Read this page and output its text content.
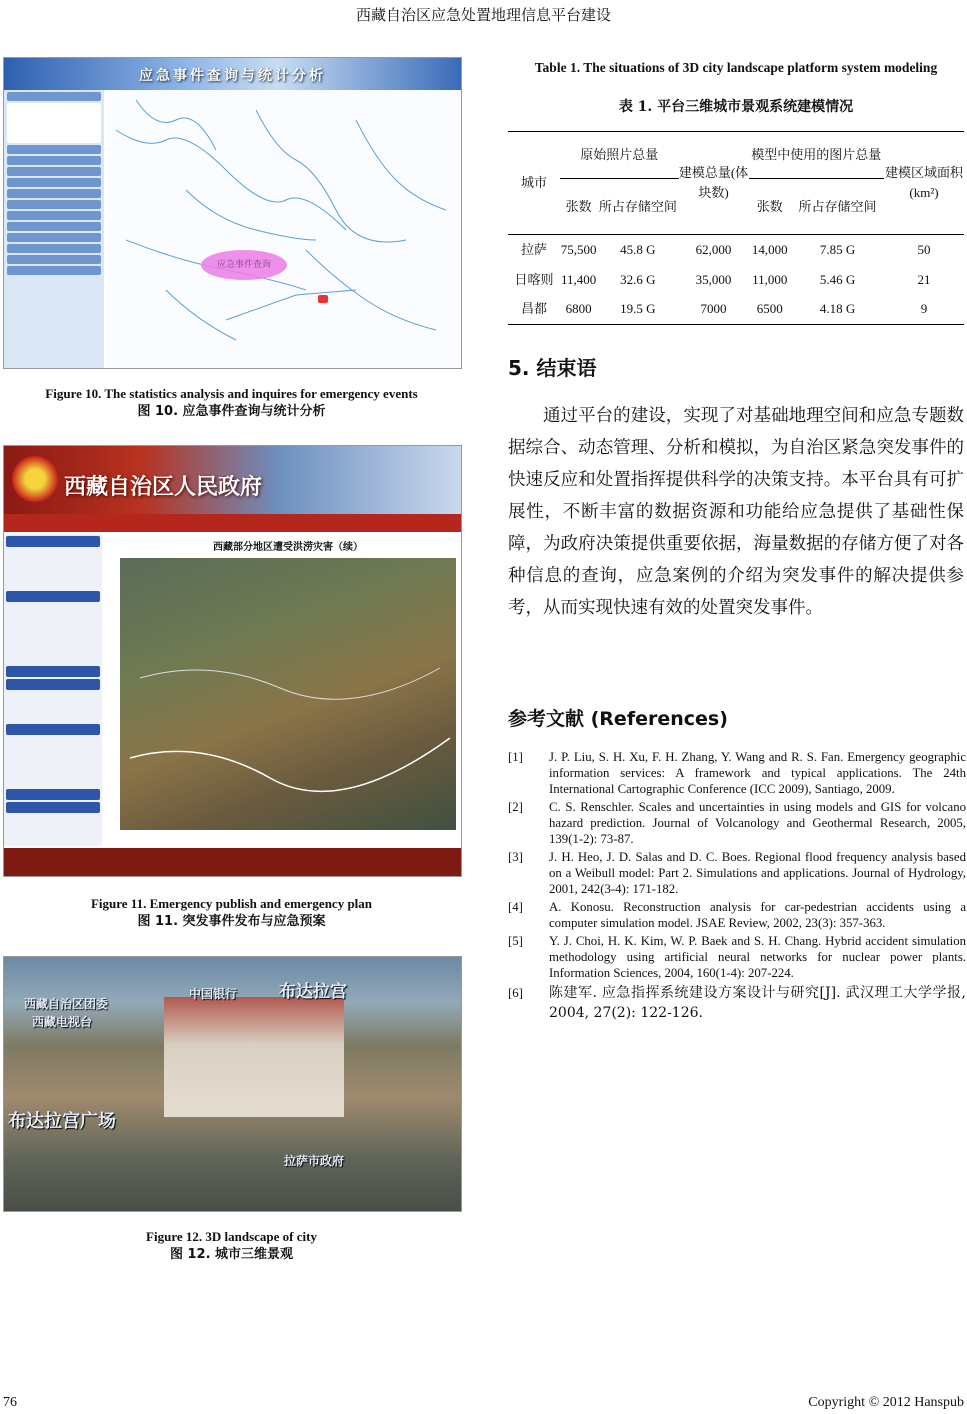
西藏自治区应急处置地理信息平台建设
应急事件查询与统计分析
应急事件查询
Figure 10. The statistics analysis and inquires for emergency events
图 10. 应急事件查询与统计分析
西藏自治区人民政府
西藏部分地区遭受洪涝灾害（续）
Figure 11. Emergency publish and emergency plan
图 11. 突发事件发布与应急预案
布达拉宫
西藏自治区团委
西藏电视台
布达拉宫广场
拉萨市政府
中国银行
Figure 12. 3D landscape of city
图 12. 城市三维景观
Table 1. The situations of 3D city landscape platform system modeling
表 1. 平台三维城市景观系统建模情况
城市	原始照片总量		建模总量(体块数)	模型中使用的图片总量		建模区域面积(km²)
	张数	所占存储空间		张数	所占存储空间	
拉萨	75,500	45.8 G	62,000	14,000	7.85 G	50
日喀则	11,400	32.6 G	35,000	11,000	5.46 G	21
昌都	6800	19.5 G	7000	6500	4.18 G	9
5. 结束语
通过平台的建设，实现了对基础地理空间和应急专题数据综合、动态管理、分析和模拟，为自治区紧急突发事件的快速反应和处置指挥提供科学的决策支持。本平台具有可扩展性，不断丰富的数据资源和功能给应急提供了基础性保障，为政府决策提供重要依据，海量数据的存储方便了对各种信息的查询，应急案例的介绍为突发事件的解决提供参考，从而实现快速有效的处置突发事件。
参考文献 (References)
[1] J. P. Liu, S. H. Xu, F. H. Zhang, Y. Wang and R. S. Fan. Emergency geographic information services: A framework and typical applications. The 24th International Cartographic Conference (ICC 2009), Santiago, 2009.
[2] C. S. Renschler. Scales and uncertainties in using models and GIS for volcano hazard prediction. Journal of Volcanology and Geothermal Research, 2005, 139(1-2): 73-87.
[3] J. H. Heo, J. D. Salas and D. C. Boes. Regional flood frequency analysis based on a Weibull model: Part 2. Simulations and applications. Journal of Hydrology, 2001, 242(3-4): 171-182.
[4] A. Konosu. Reconstruction analysis for car-pedestrian accidents using a computer simulation model. JSAE Review, 2002, 23(3): 357-363.
[5] Y. J. Choi, H. K. Kim, W. P. Baek and S. H. Chang. Hybrid accident simulation methodology using artificial neural networks for nuclear power plants. Information Sciences, 2004, 160(1-4): 207-224.
[6] 陈建军. 应急指挥系统建设方案设计与研究[J]. 武汉理工大学学报, 2004, 27(2): 122-126.
76	Copyright © 2012 Hanspub
